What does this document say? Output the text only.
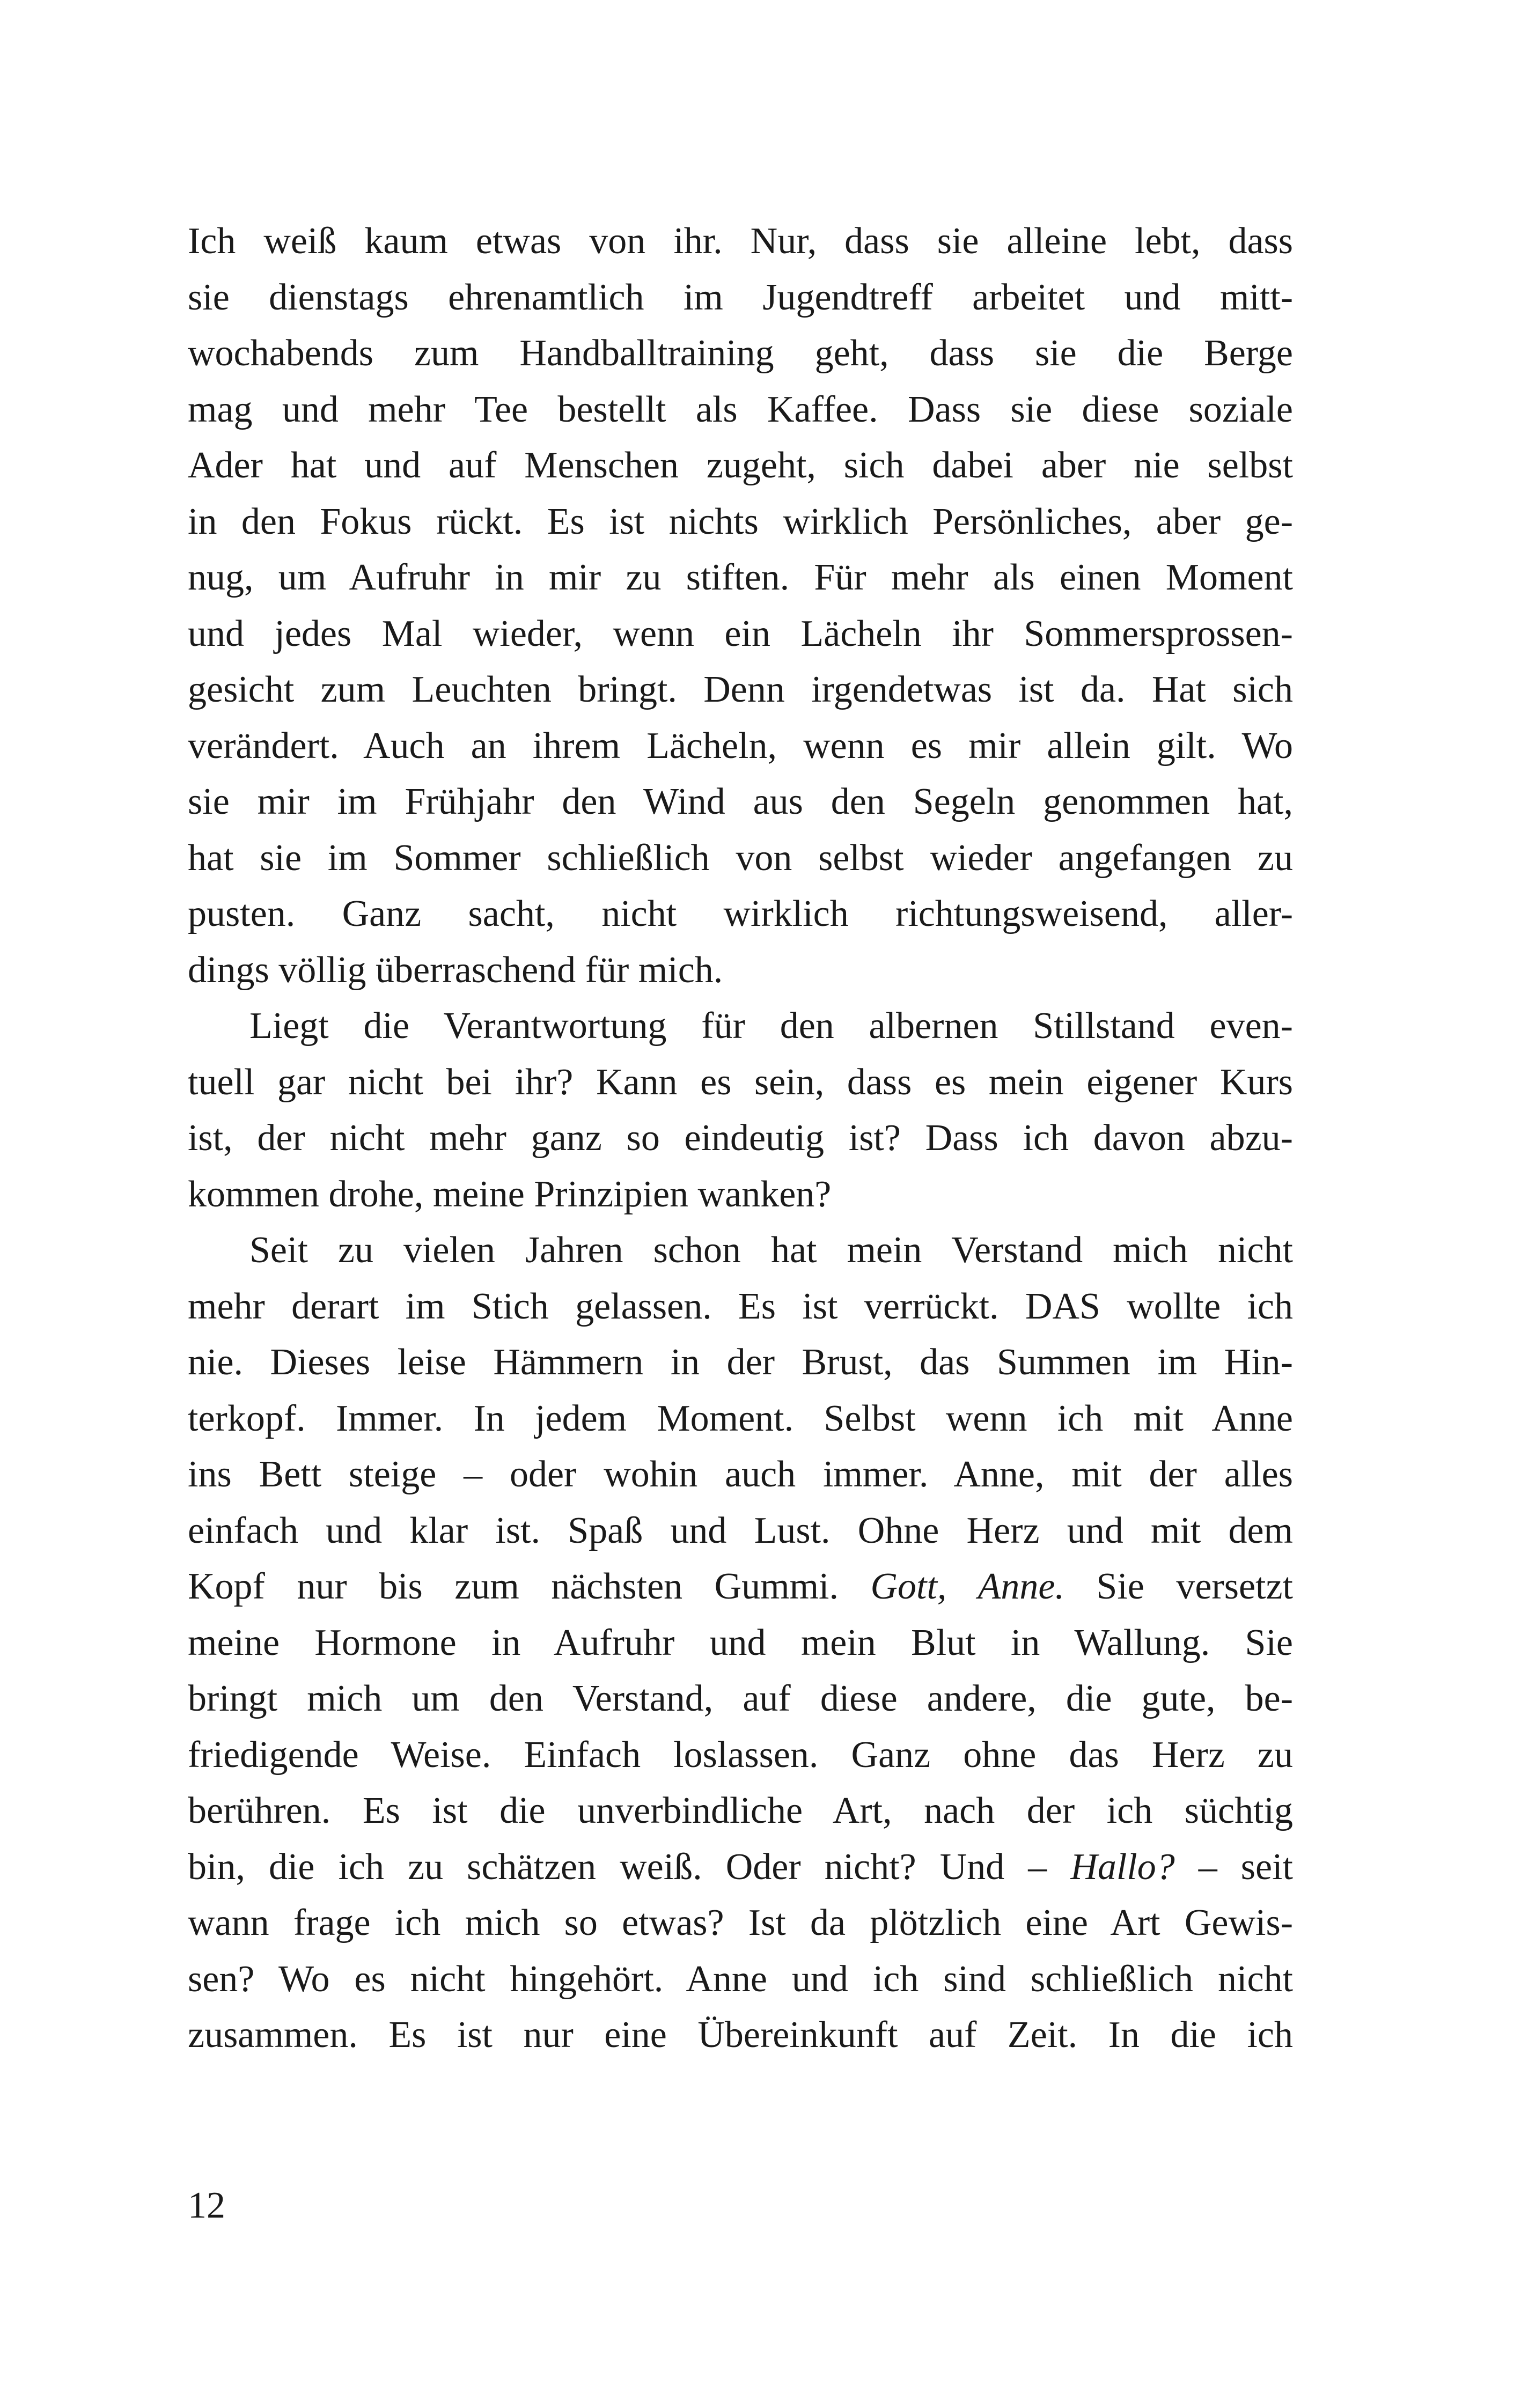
Ich weiß kaum etwas von ihr. Nur, dass sie alleine lebt, dass
sie dienstags ehrenamtlich im Jugendtreff arbeitet und mitt-
wochabends zum Handballtraining geht, dass sie die Berge
mag und mehr Tee bestellt als Kaffee. Dass sie diese soziale
Ader hat und auf Menschen zugeht, sich dabei aber nie selbst
in den Fokus rückt. Es ist nichts wirklich Persönliches, aber ge-
nug, um Aufruhr in mir zu stiften. Für mehr als einen Moment
und jedes Mal wieder, wenn ein Lächeln ihr Sommersprossen-
gesicht zum Leuchten bringt. Denn irgendetwas ist da. Hat sich
verändert. Auch an ihrem Lächeln, wenn es mir allein gilt. Wo
sie mir im Frühjahr den Wind aus den Segeln genommen hat,
hat sie im Sommer schließlich von selbst wieder angefangen zu
pusten. Ganz sacht, nicht wirklich richtungsweisend, aller-
dings völlig überraschend für mich.
Liegt die Verantwortung für den albernen Stillstand even-
tuell gar nicht bei ihr? Kann es sein, dass es mein eigener Kurs
ist, der nicht mehr ganz so eindeutig ist? Dass ich davon abzu-
kommen drohe, meine Prinzipien wanken?
Seit zu vielen Jahren schon hat mein Verstand mich nicht
mehr derart im Stich gelassen. Es ist verrückt. DAS wollte ich
nie. Dieses leise Hämmern in der Brust, das Summen im Hin-
terkopf. Immer. In jedem Moment. Selbst wenn ich mit Anne
ins Bett steige – oder wohin auch immer. Anne, mit der alles
einfach und klar ist. Spaß und Lust. Ohne Herz und mit dem
Kopf nur bis zum nächsten Gummi. Gott, Anne. Sie versetzt
meine Hormone in Aufruhr und mein Blut in Wallung. Sie
bringt mich um den Verstand, auf diese andere, die gute, be-
friedigende Weise. Einfach loslassen. Ganz ohne das Herz zu
berühren. Es ist die unverbindliche Art, nach der ich süchtig
bin, die ich zu schätzen weiß. Oder nicht? Und – Hallo? – seit
wann frage ich mich so etwas? Ist da plötzlich eine Art Gewis-
sen? Wo es nicht hingehört. Anne und ich sind schließlich nicht
zusammen. Es ist nur eine Übereinkunft auf Zeit. In die ich
12
